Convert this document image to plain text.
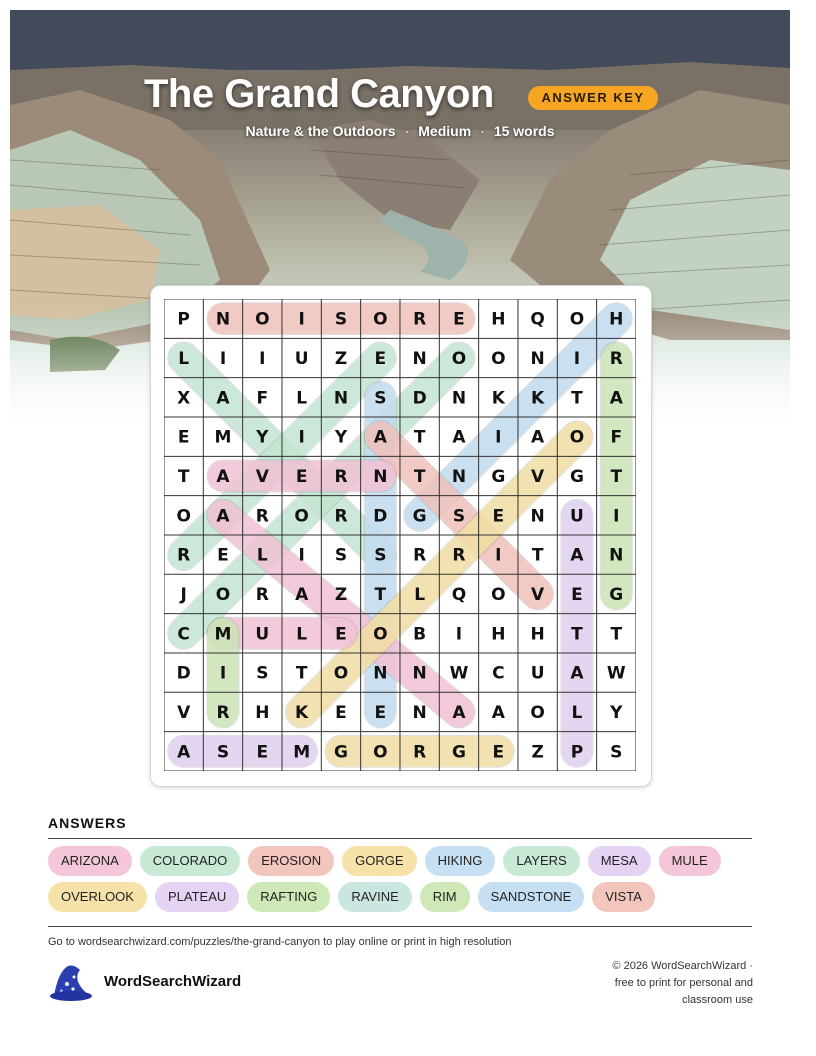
The Grand Canyon	ANSWER KEY
Nature & the Outdoors · Medium · 15 words
P N O I S O R E H Q O H
L I I U Z E N O O N I R
X A F L N S D N K K T A
E M Y I Y A T A I A O F
T A V E R N T N G V G T
O A R O R D G S E N U I
R E L I S S R R I T A N
J O R A Z T L Q O V E G
C M U L E O B I H H T T
D I S T O N N W C U A W
V R H K E E N A A O L Y
A S E M G O R G E Z P S
ANSWERS
ARIZONA	COLORADO	EROSION	GORGE	HIKING	LAYERS	MESA	MULE
OVERLOOK	PLATEAU	RAFTING	RAVINE	RIM	SANDSTONE	VISTA
Go to wordsearchwizard.com/puzzles/the-grand-canyon to play online or print in high resolution
WordSearchWizard
© 2026 WordSearchWizard ·
free to print for personal and
classroom use
